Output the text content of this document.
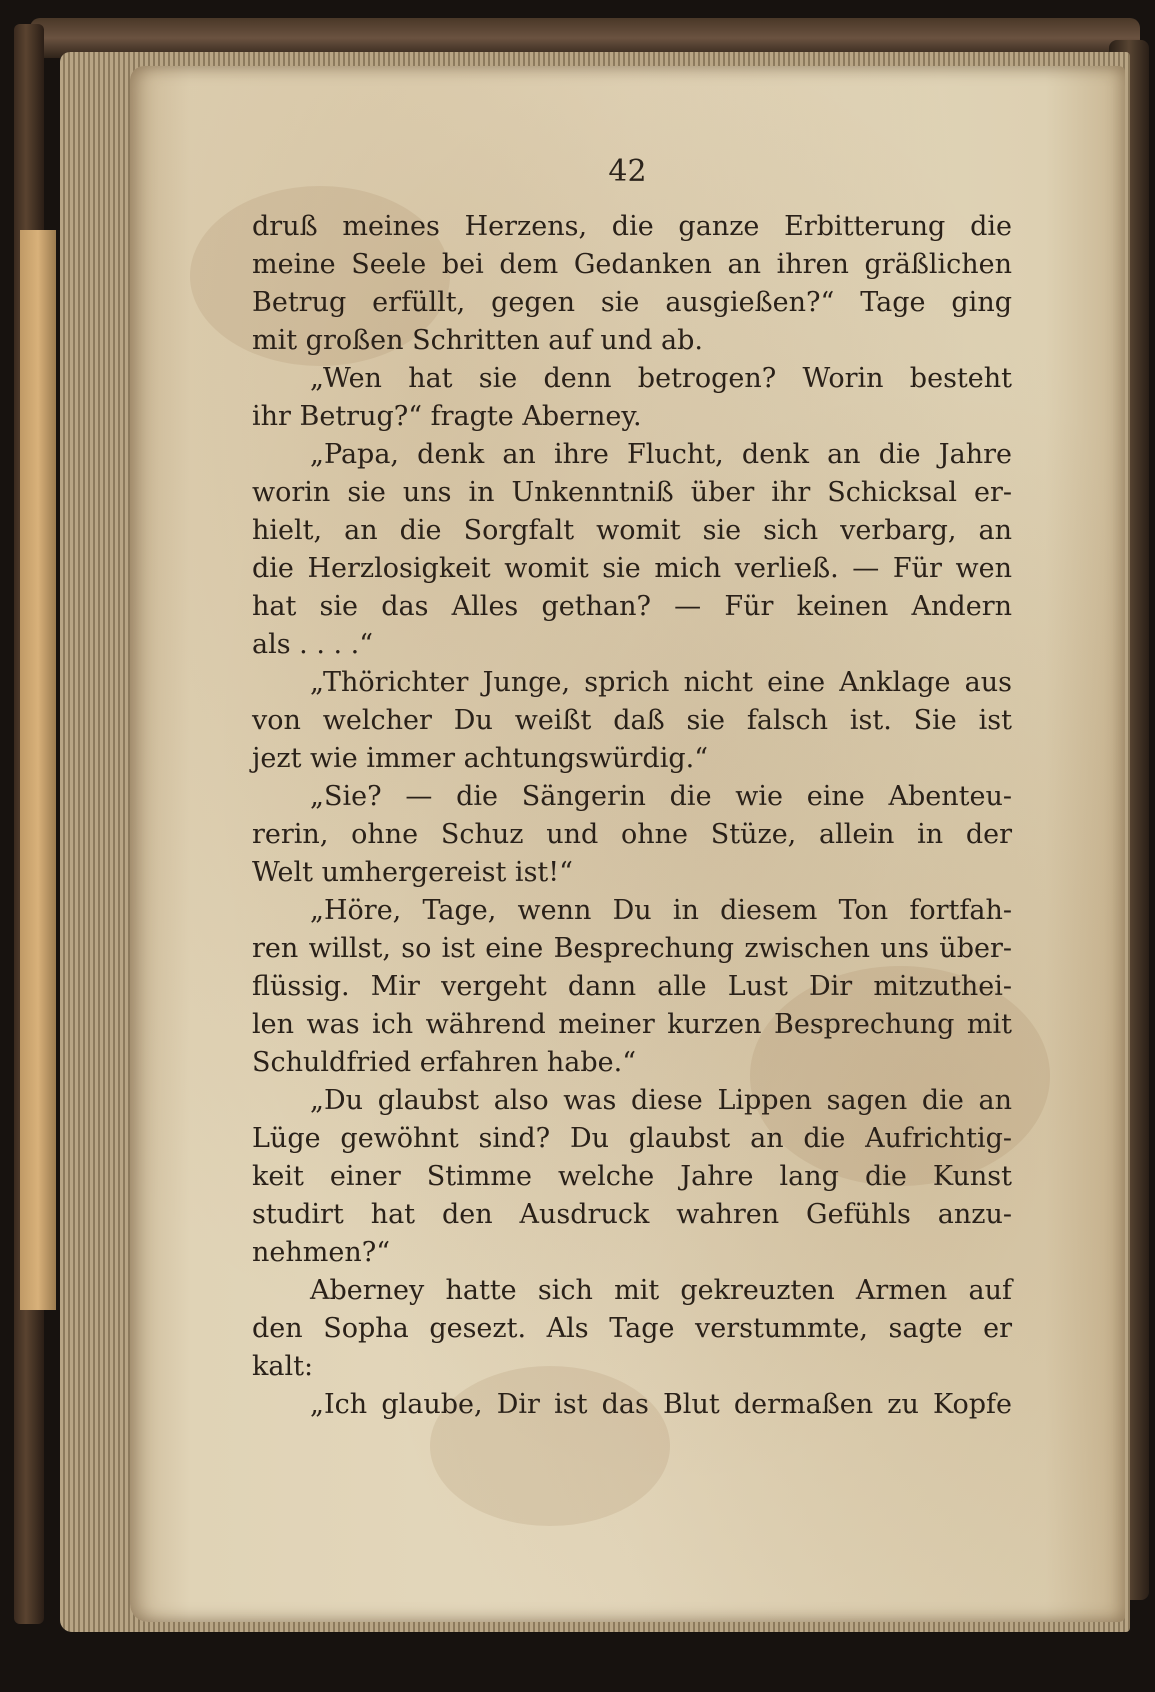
42
druß meines Herzens, die ganze Erbitterung die
meine Seele bei dem Gedanken an ihren gräßlichen
Betrug erfüllt, gegen sie ausgießen?“ Tage ging
mit großen Schritten auf und ab.
„Wen hat sie denn betrogen? Worin besteht
ihr Betrug?“ fragte Aberney.
„Papa, denk an ihre Flucht, denk an die Jahre
worin sie uns in Unkenntniß über ihr Schicksal er-
hielt, an die Sorgfalt womit sie sich verbarg, an
die Herzlosigkeit womit sie mich verließ. — Für wen
hat sie das Alles gethan? — Für keinen Andern
als . . . .“
„Thörichter Junge, sprich nicht eine Anklage aus
von welcher Du weißt daß sie falsch ist. Sie ist
jezt wie immer achtungswürdig.“
„Sie? — die Sängerin die wie eine Abenteu-
rerin, ohne Schuz und ohne Stüze, allein in der
Welt umhergereist ist!“
„Höre, Tage, wenn Du in diesem Ton fortfah-
ren willst, so ist eine Besprechung zwischen uns über-
flüssig. Mir vergeht dann alle Lust Dir mitzuthei-
len was ich während meiner kurzen Besprechung mit
Schuldfried erfahren habe.“
„Du glaubst also was diese Lippen sagen die an
Lüge gewöhnt sind? Du glaubst an die Aufrichtig-
keit einer Stimme welche Jahre lang die Kunst
studirt hat den Ausdruck wahren Gefühls anzu-
nehmen?“
Aberney hatte sich mit gekreuzten Armen auf
den Sopha gesezt. Als Tage verstummte, sagte er
kalt:
„Ich glaube, Dir ist das Blut dermaßen zu Kopfe
